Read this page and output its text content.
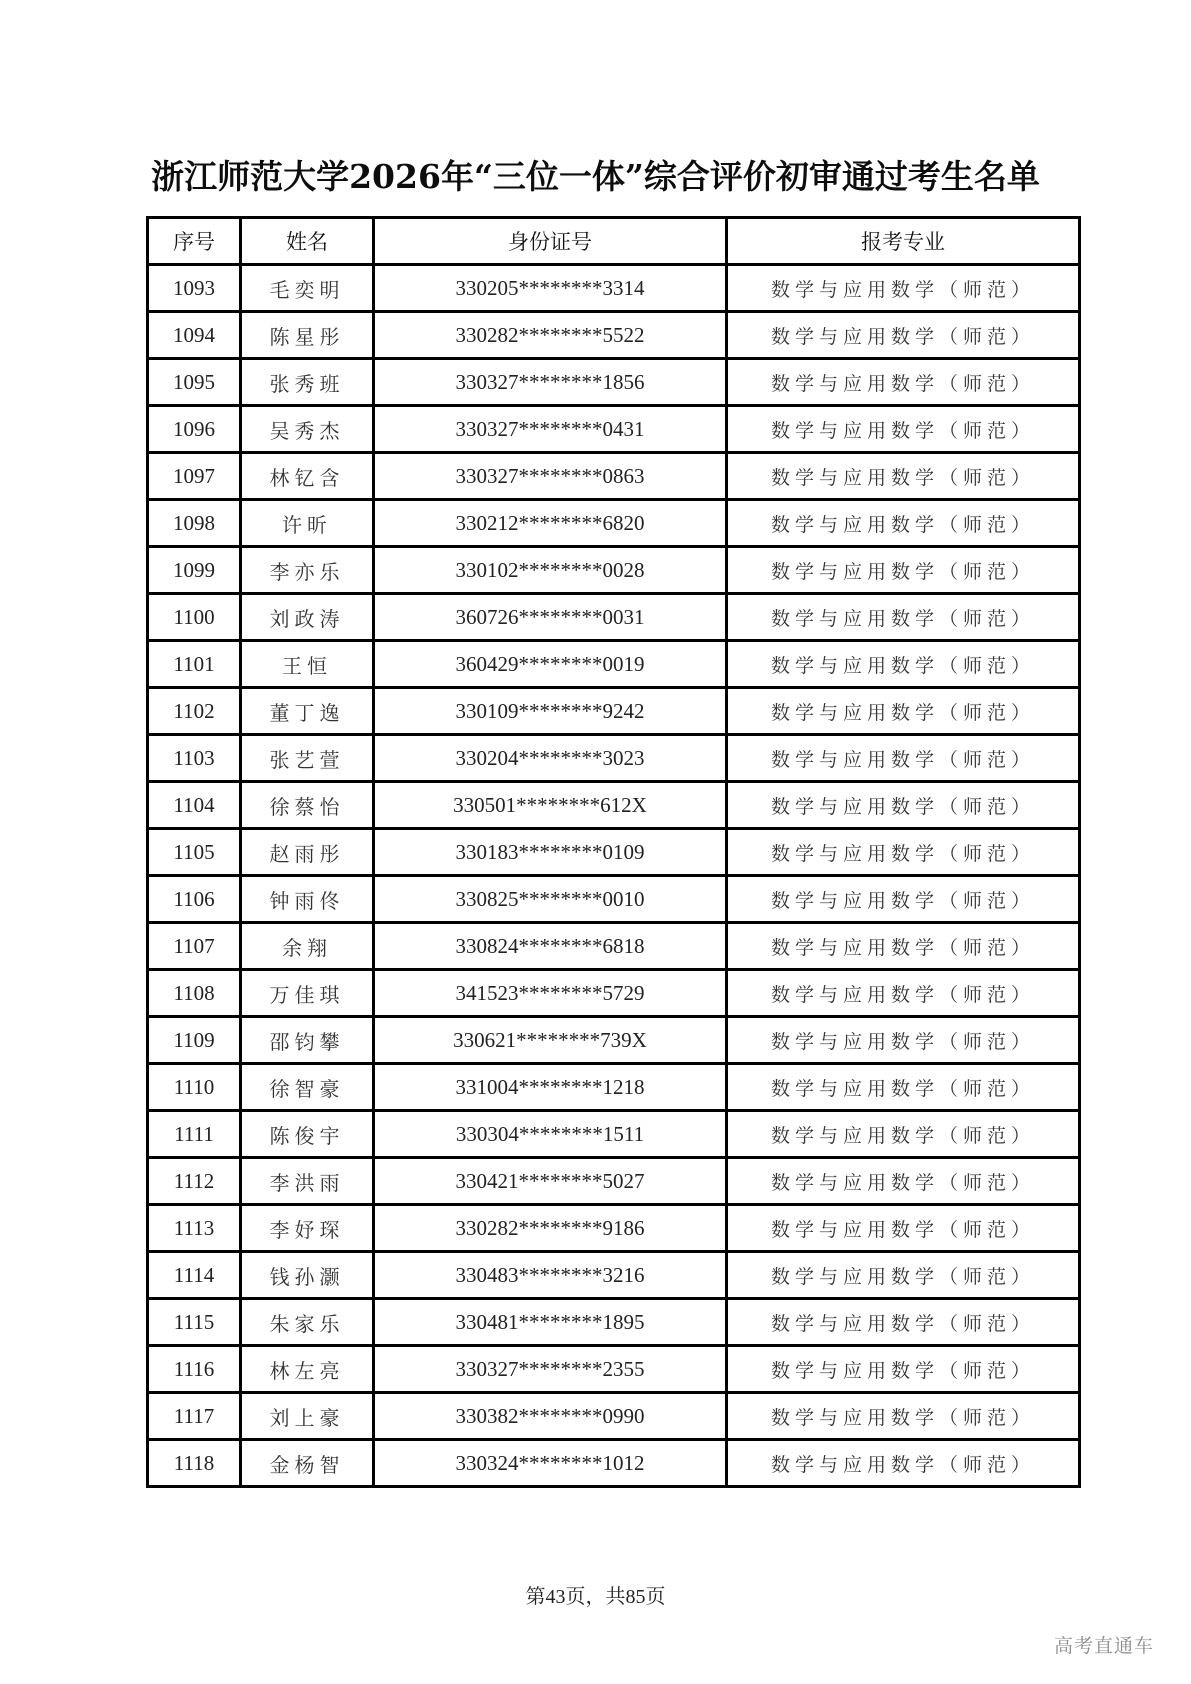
浙江师范大学2026年“三位一体”综合评价初审通过考生名单
序号	姓名	身份证号	报考专业
1093	毛奕明	330205********3314	数学与应用数学（师范）
1094	陈星彤	330282********5522	数学与应用数学（师范）
1095	张秀班	330327********1856	数学与应用数学（师范）
1096	吴秀杰	330327********0431	数学与应用数学（师范）
1097	林钇含	330327********0863	数学与应用数学（师范）
1098	许昕	330212********6820	数学与应用数学（师范）
1099	李亦乐	330102********0028	数学与应用数学（师范）
1100	刘政涛	360726********0031	数学与应用数学（师范）
1101	王恒	360429********0019	数学与应用数学（师范）
1102	董丁逸	330109********9242	数学与应用数学（师范）
1103	张艺萱	330204********3023	数学与应用数学（师范）
1104	徐蔡怡	330501********612X	数学与应用数学（师范）
1105	赵雨彤	330183********0109	数学与应用数学（师范）
1106	钟雨佟	330825********0010	数学与应用数学（师范）
1107	余翔	330824********6818	数学与应用数学（师范）
1108	万佳琪	341523********5729	数学与应用数学（师范）
1109	邵钧攀	330621********739X	数学与应用数学（师范）
1110	徐智豪	331004********1218	数学与应用数学（师范）
1111	陈俊宇	330304********1511	数学与应用数学（师范）
1112	李洪雨	330421********5027	数学与应用数学（师范）
1113	李妤琛	330282********9186	数学与应用数学（师范）
1114	钱孙灏	330483********3216	数学与应用数学（师范）
1115	朱家乐	330481********1895	数学与应用数学（师范）
1116	林左亮	330327********2355	数学与应用数学（师范）
1117	刘上豪	330382********0990	数学与应用数学（师范）
1118	金杨智	330324********1012	数学与应用数学（师范）
第43页，共85页
高考直通车
